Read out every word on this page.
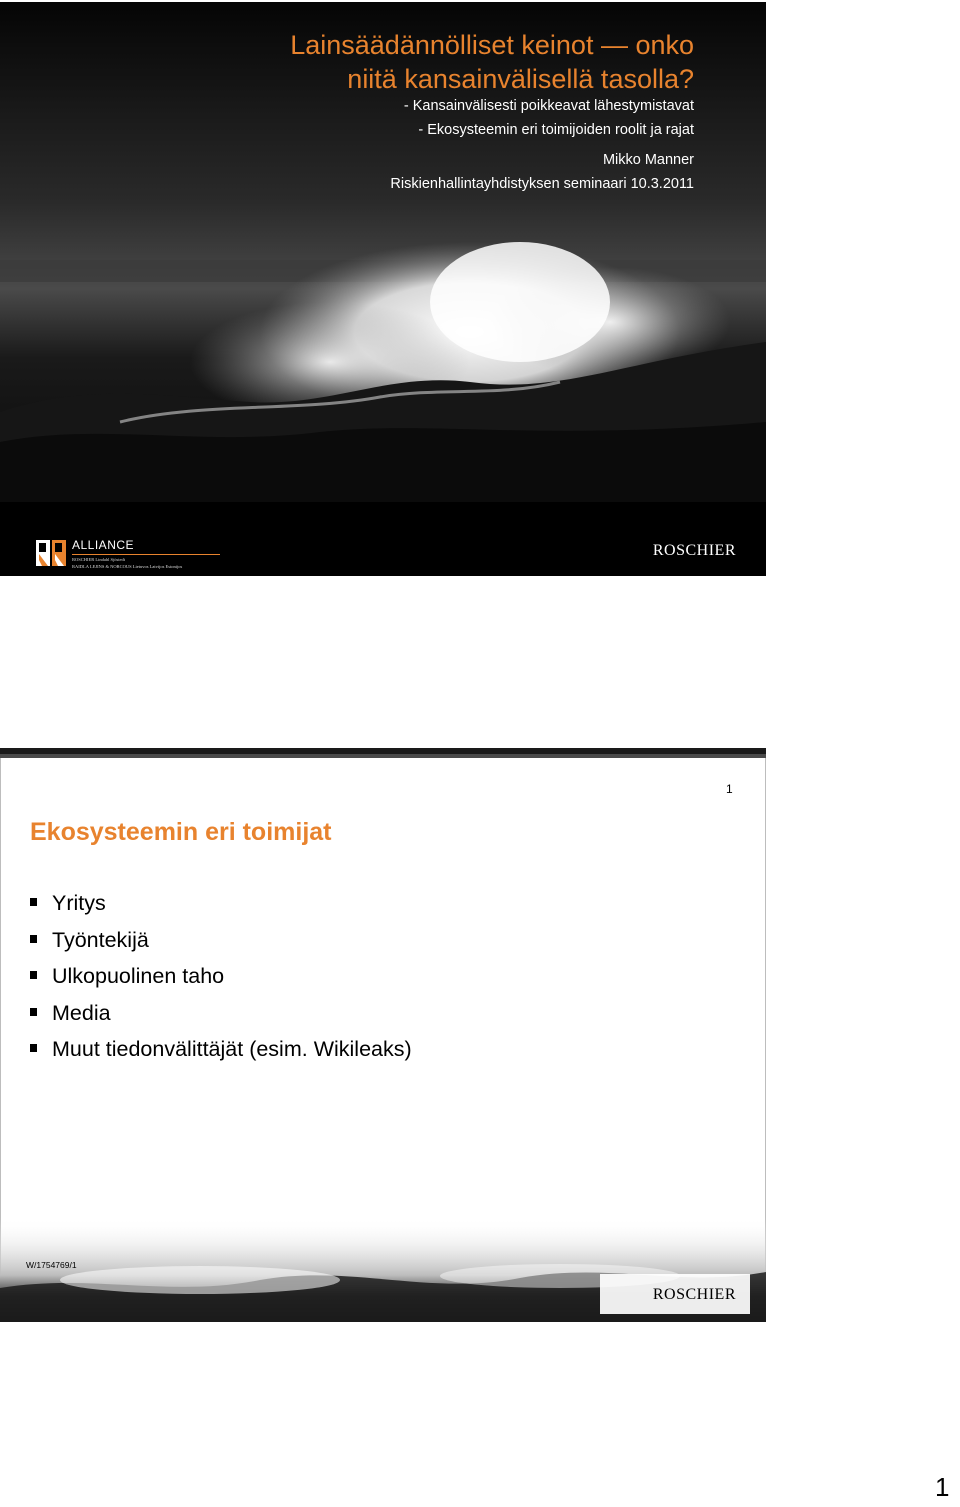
Lainsäädännölliset keinot — onko
niitä kansainvälisellä tasolla?

- Kansainvälisesti poikkeavat lähestymistavat

- Ekosysteemin eri toimijoiden roolit ja rajat

Mikko Manner
Riskienhallintayhdistyksen seminaari 10.3.2011
ALLIANCE
ROSCHIER Lindahl Sjöstedt
RAIDLA LEJINS & NORCOUS Lietuvos Latvijos Estonijos
ROSCHIER
1
Ekosysteemin eri toimijat
Yritys
Työntekijä
Ulkopuolinen taho
Media
Muut tiedonvälittäjät (esim. Wikileaks)
W/1754769/1
ROSCHIER
1
